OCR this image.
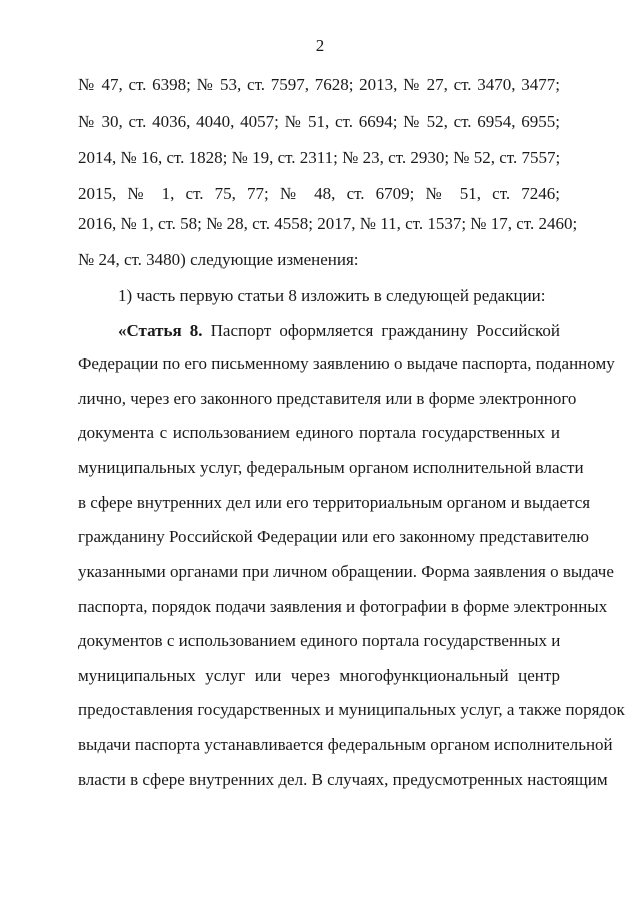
2
№ 47, ст. 6398; № 53, ст. 7597, 7628; 2013, № 27, ст. 3470, 3477;
№ 30, ст. 4036, 4040, 4057; № 51, ст. 6694; № 52, ст. 6954, 6955;
2014, № 16, ст. 1828; № 19, ст. 2311; № 23, ст. 2930; № 52, ст. 7557;
2015, № 1, ст. 75, 77; № 48, ст. 6709; № 51, ст. 7246;
2016, № 1, ст. 58; № 28, ст. 4558; 2017, № 11, ст. 1537; № 17, ст. 2460;
№ 24, ст. 3480) следующие изменения:
1) часть первую статьи 8 изложить в следующей редакции:
«Статья 8. Паспорт оформляется гражданину Российской
Федерации по его письменному заявлению о выдаче паспорта, поданному
лично, через его законного представителя или в форме электронного
документа с использованием единого портала государственных и
муниципальных услуг, федеральным органом исполнительной власти
в сфере внутренних дел или его территориальным органом и выдается
гражданину Российской Федерации или его законному представителю
указанными органами при личном обращении. Форма заявления о выдаче
паспорта, порядок подачи заявления и фотографии в форме электронных
документов с использованием единого портала государственных и
муниципальных услуг или через многофункциональный центр
предоставления государственных и муниципальных услуг, а также порядок
выдачи паспорта устанавливается федеральным органом исполнительной
власти в сфере внутренних дел. В случаях, предусмотренных настоящим
